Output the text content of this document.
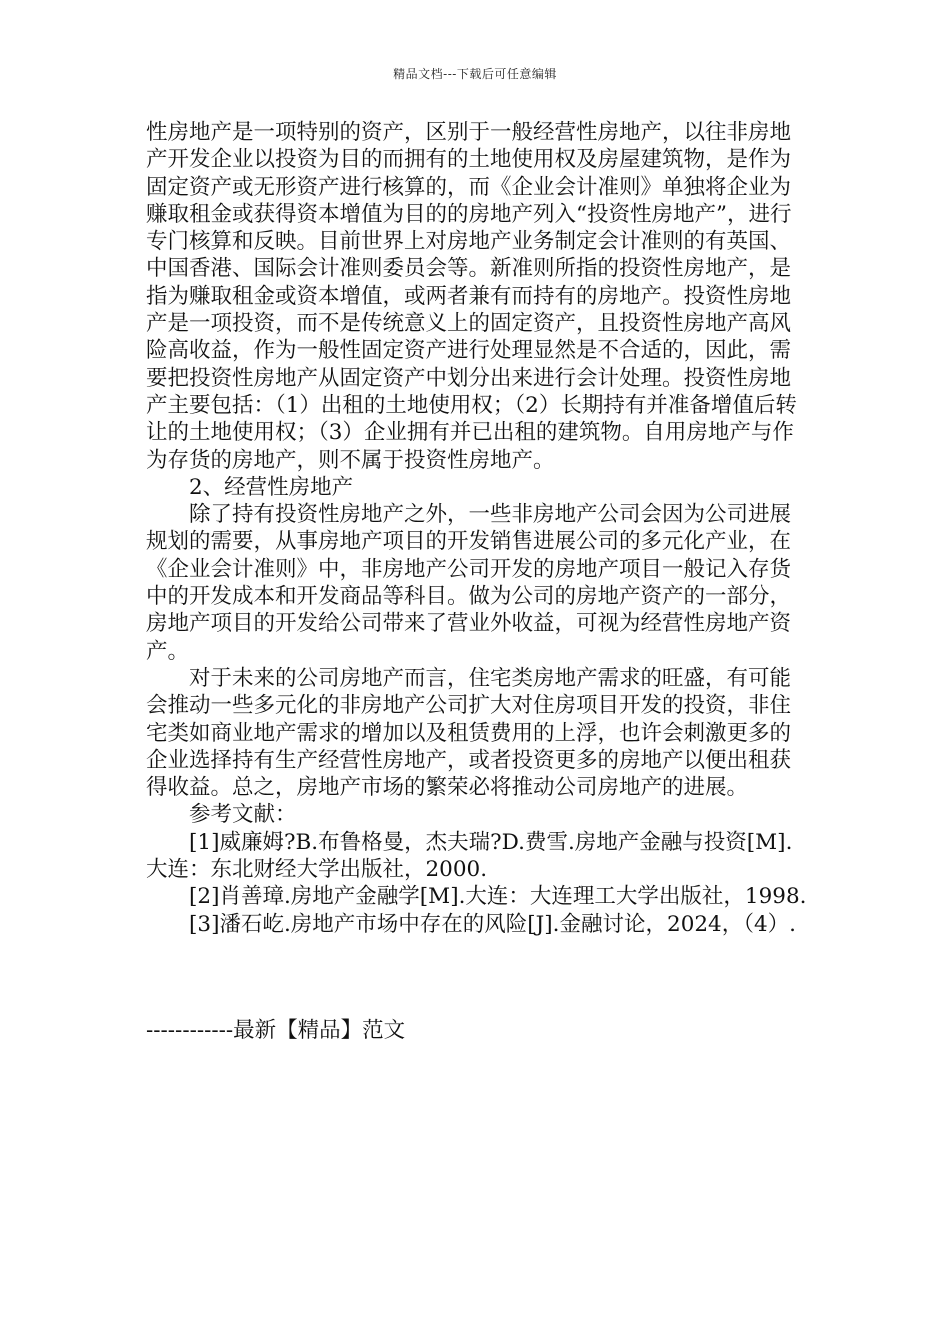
精品文档---下载后可任意编辑

性房地产是一项特别的资产，区别于一般经营性房地产，以往非房地产开发企业以投资为目的而拥有的土地使用权及房屋建筑物，是作为固定资产或无形资产进行核算的，而《企业会计准则》单独将企业为赚取租金或获得资本增值为目的的房地产列入“投资性房地产”，进行专门核算和反映。目前世界上对房地产业务制定会计准则的有英国、中国香港、国际会计准则委员会等。新准则所指的投资性房地产，是指为赚取租金或资本增值，或两者兼有而持有的房地产。投资性房地产是一项投资，而不是传统意义上的固定资产，且投资性房地产高风险高收益，作为一般性固定资产进行处理显然是不合适的，因此，需要把投资性房地产从固定资产中划分出来进行会计处理。投资性房地产主要包括：（1）出租的土地使用权；（2）长期持有并准备增值后转让的土地使用权；（3）企业拥有并已出租的建筑物。自用房地产与作为存货的房地产，则不属于投资性房地产。

2、经营性房地产

除了持有投资性房地产之外，一些非房地产公司会因为公司进展规划的需要，从事房地产项目的开发销售进展公司的多元化产业，在《企业会计准则》中，非房地产公司开发的房地产项目一般记入存货中的开发成本和开发商品等科目。做为公司的房地产资产的一部分，房地产项目的开发给公司带来了营业外收益，可视为经营性房地产资产。

对于未来的公司房地产而言，住宅类房地产需求的旺盛，有可能会推动一些多元化的非房地产公司扩大对住房项目开发的投资，非住宅类如商业地产需求的增加以及租赁费用的上浮，也许会刺激更多的企业选择持有生产经营性房地产，或者投资更多的房地产以便出租获得收益。总之，房地产市场的繁荣必将推动公司房地产的进展。

参考文献：

[1]威廉姆?B.布鲁格曼，杰夫瑞?D.费雪.房地产金融与投资[M].大连：东北财经大学出版社，2000.

[2]肖善璋.房地产金融学[M].大连：大连理工大学出版社，1998.

[3]潘石屹.房地产市场中存在的风险[J].金融讨论，2024，（4）.

------------最新【精品】范文
